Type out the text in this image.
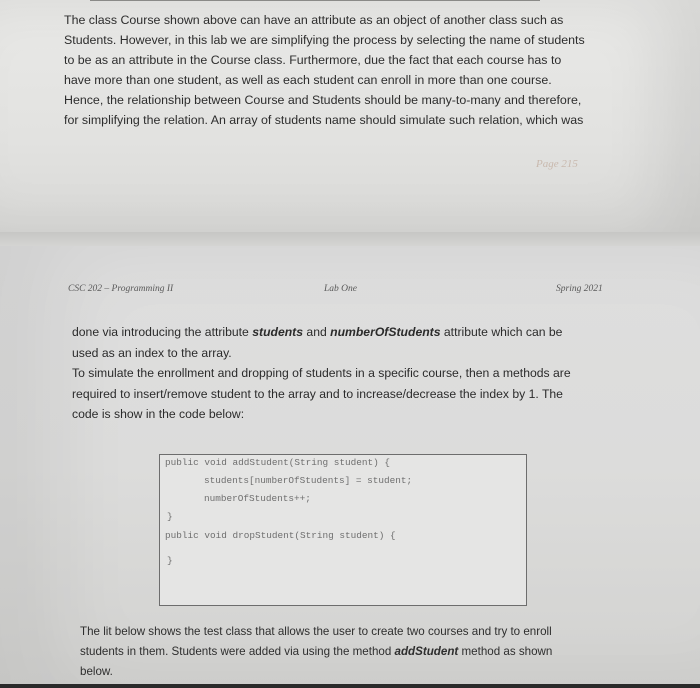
The class Course shown above can have an attribute as an object of another class such as
Students. However, in this lab we are simplifying the process by selecting the name of students
to be as an attribute in the Course class. Furthermore, due the fact that each course has to
have more than one student, as well as each student can enroll in more than one course.
Hence, the relationship between Course and Students should be many-to-many and therefore,
for simplifying the relation. An array of students name should simulate such relation, which was
Page 215
CSC 202 – Programming II	Lab One	Spring 2021
done via introducing the attribute students and numberOfStudents attribute which can be
used as an index to the array.
To simulate the enrollment and dropping of students in a specific course, then a methods are
required to insert/remove student to the array and to increase/decrease the index by 1. The
code is show in the code below:
public void addStudent(String student) {
students[numberOfStudents] = student;
numberOfStudents++;
}
public void dropStudent(String student) {
}
The lit below shows the test class that allows the user to create two courses and try to enroll
students in them. Students were added via using the method addStudent method as shown
below.
